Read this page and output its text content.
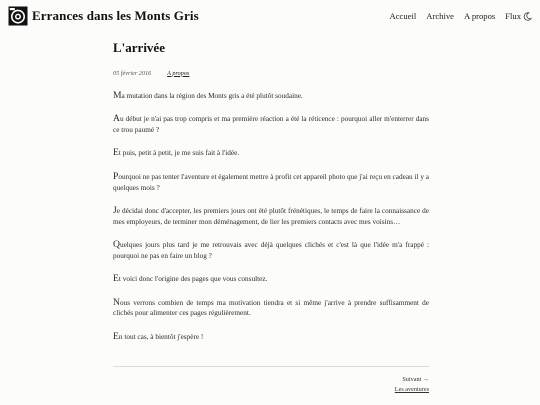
Errances dans les Monts Gris	Accueil Archive A propos Flux
L'arrivée
05 février 2016	A propos

Ma mutation dans la région des Monts gris a été plutôt soudaine.

Au début je n'ai pas trop compris et ma première réaction a été la réticence : pourquoi aller m'enterrer dans ce trou paumé ?

Et puis, petit à petit, je me suis fait à l'idée.

Pourquoi ne pas tenter l'aventure et également mettre à profit cet appareil photo que j'ai reçu en cadeau il y a quelques mois ?

Je décidai donc d'accepter, les premiers jours ont été plutôt frénétiques, le temps de faire la connaissance de mes employeurs, de terminer mon déménagement, de lier les premiers contacts avec mes voisins…

Quelques jours plus tard je me retrouvais avec déjà quelques clichés et c'est là que l'idée m'a frappé : pourquoi ne pas en faire un blog ?

Et voici donc l'origine des pages que vous consultez.

Nous verrons combien de temps ma motivation tiendra et si même j'arrive à prendre suffisamment de clichés pour alimenter ces pages régulièrement.

En tout cas, à bientôt j'espère !

Suivant →
Les aventures
